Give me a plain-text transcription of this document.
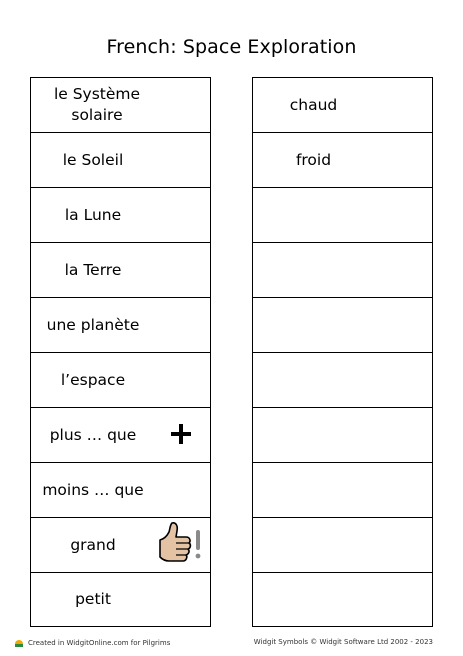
French: Space Exploration
le Système solaire
le Soleil
la Lune
la Terre
une planète
l’espace
plus … que
moins … que
grand
petit
chaud
froid
Created in WidgitOnline.com for Pilgrims	Widgit Symbols © Widgit Software Ltd 2002 - 2023
